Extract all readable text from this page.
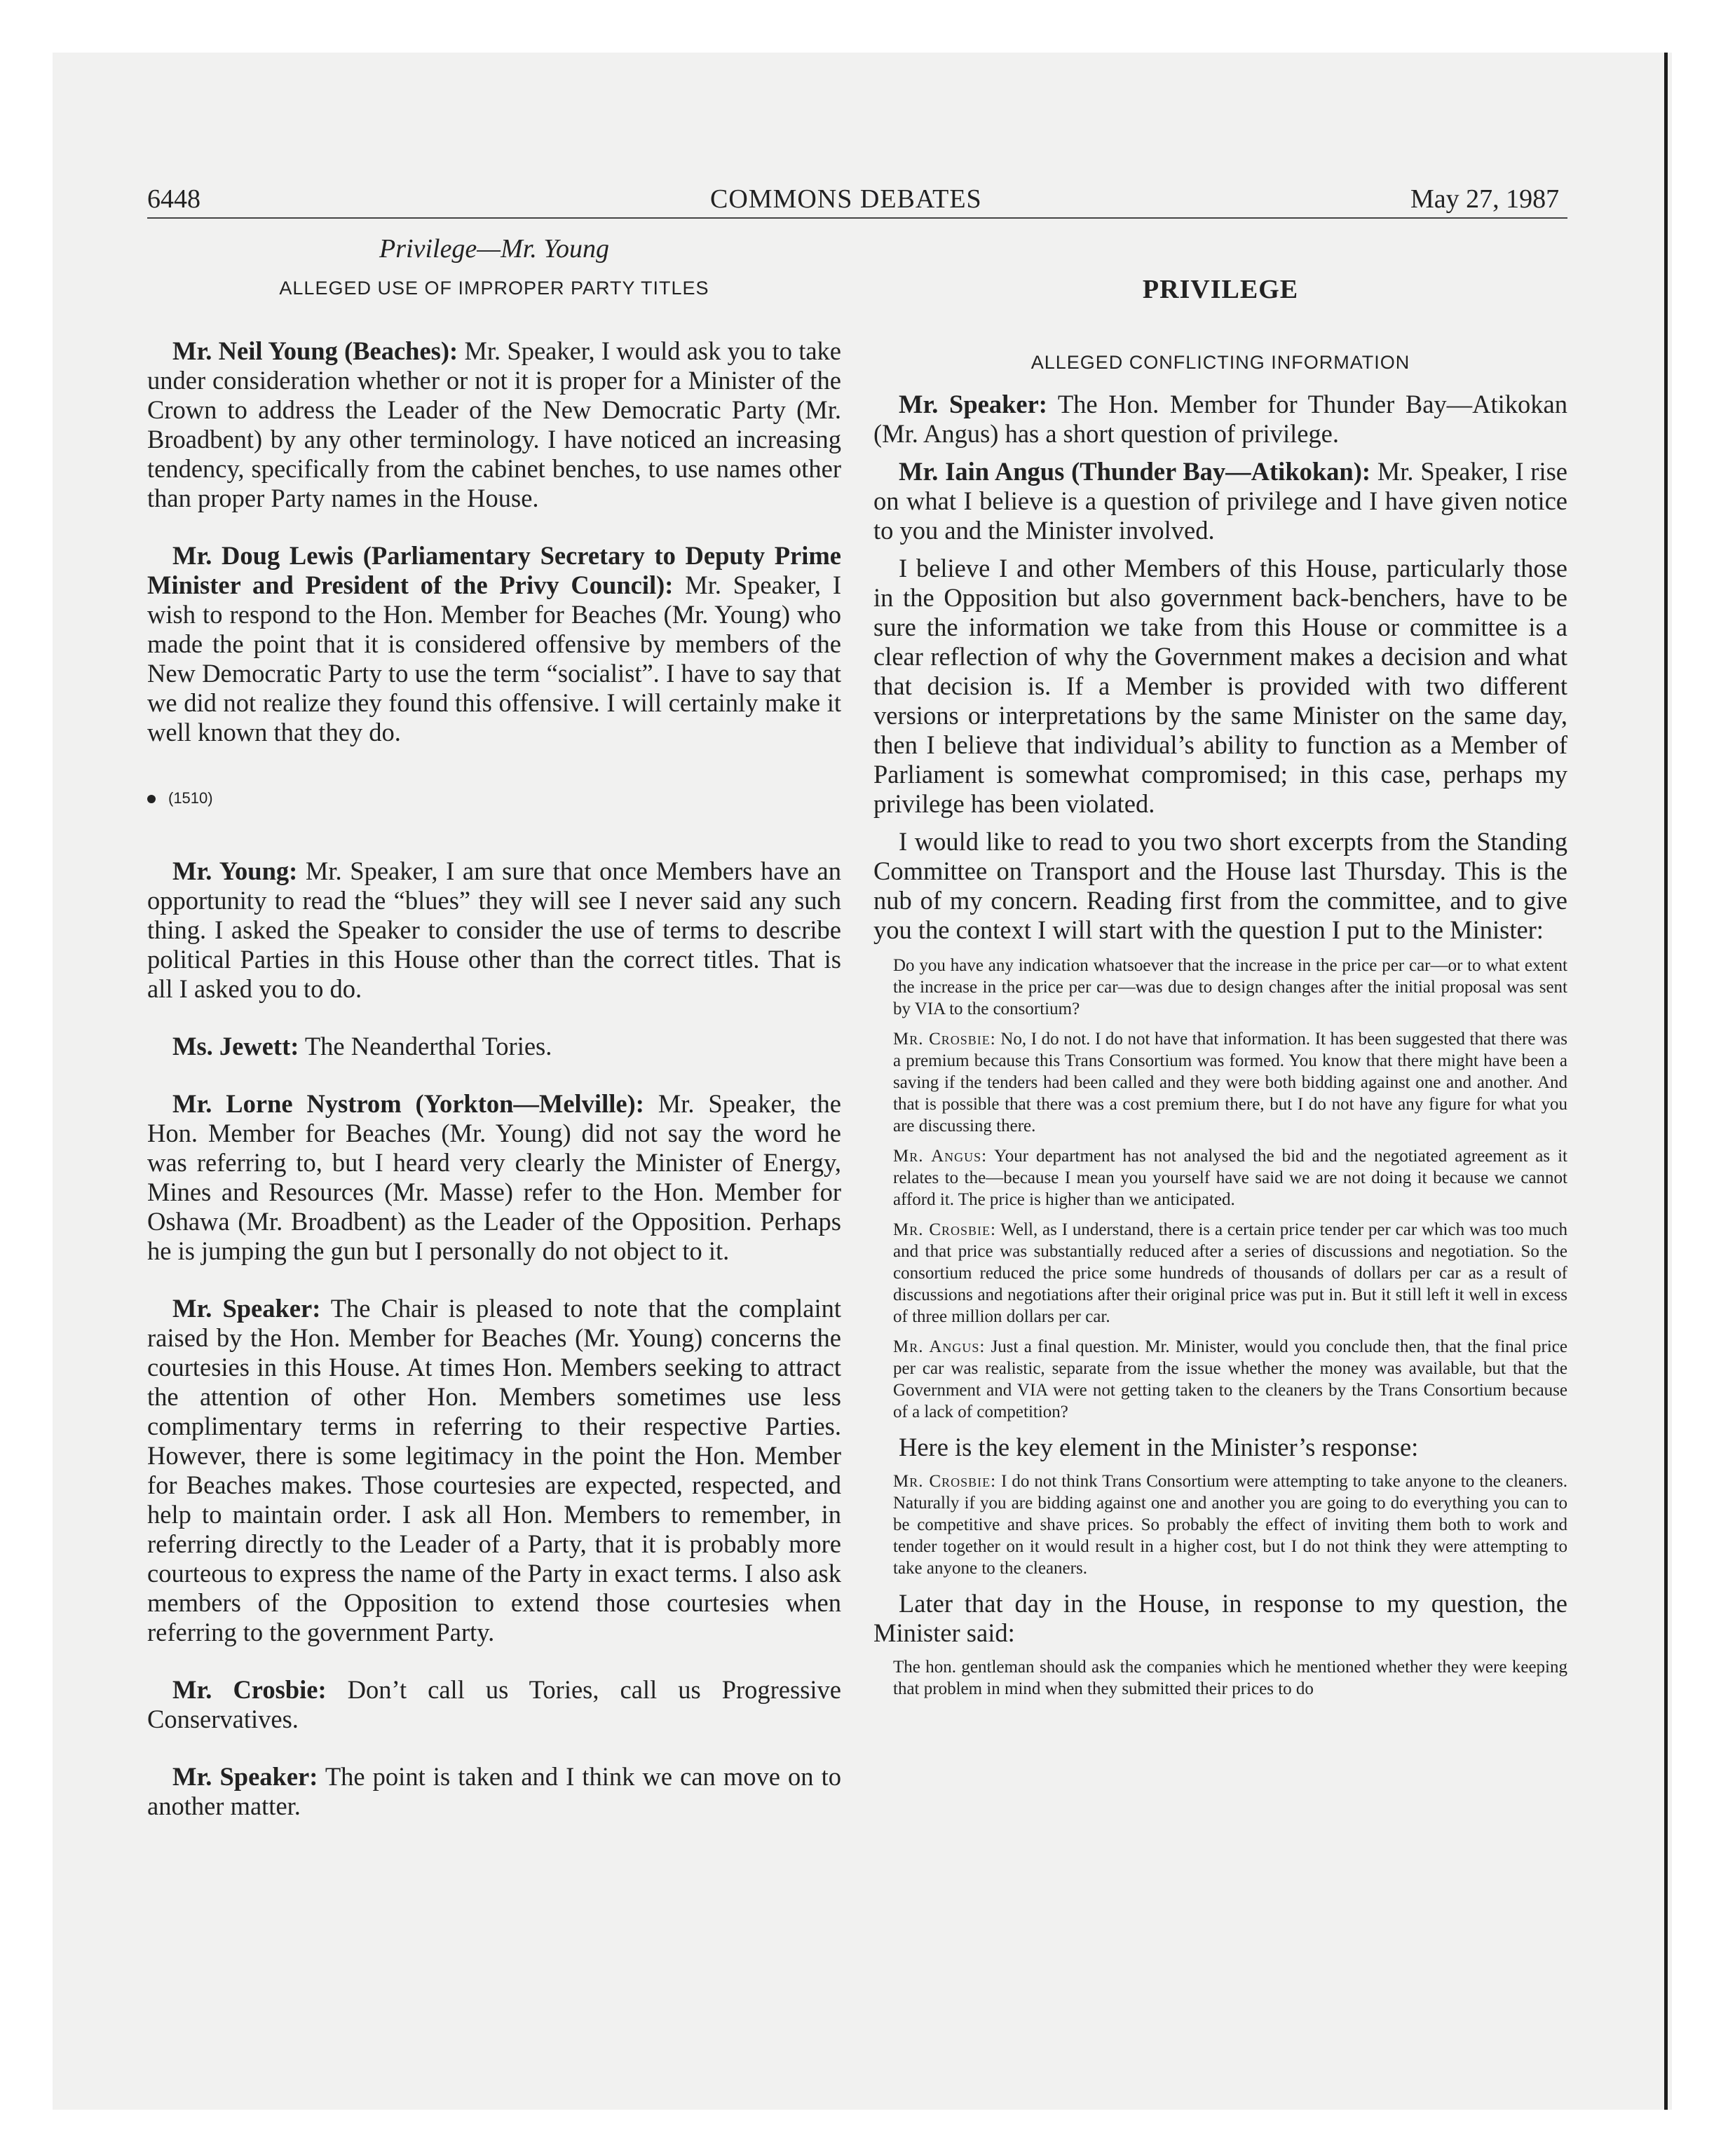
6448	COMMONS DEBATES	May 27, 1987

Privilege—Mr. Young

ALLEGED USE OF IMPROPER PARTY TITLES

Mr. Neil Young (Beaches): Mr. Speaker, I would ask you to take under consideration whether or not it is proper for a Minister of the Crown to address the Leader of the New Democratic Party (Mr. Broadbent) by any other terminology. I have noticed an increasing tendency, specifically from the cabinet benches, to use names other than proper Party names in the House.

Mr. Doug Lewis (Parliamentary Secretary to Deputy Prime Minister and President of the Privy Council): Mr. Speaker, I wish to respond to the Hon. Member for Beaches (Mr. Young) who made the point that it is considered offensive by members of the New Democratic Party to use the term “socialist”. I have to say that we did not realize they found this offensive. I will certainly make it well known that they do.

(1510)

Mr. Young: Mr. Speaker, I am sure that once Members have an opportunity to read the “blues” they will see I never said any such thing. I asked the Speaker to consider the use of terms to describe political Parties in this House other than the correct titles. That is all I asked you to do.

Ms. Jewett: The Neanderthal Tories.

Mr. Lorne Nystrom (Yorkton—Melville): Mr. Speaker, the Hon. Member for Beaches (Mr. Young) did not say the word he was referring to, but I heard very clearly the Minister of Energy, Mines and Resources (Mr. Masse) refer to the Hon. Member for Oshawa (Mr. Broadbent) as the Leader of the Opposition. Perhaps he is jumping the gun but I personally do not object to it.

Mr. Speaker: The Chair is pleased to note that the complaint raised by the Hon. Member for Beaches (Mr. Young) concerns the courtesies in this House. At times Hon. Members seeking to attract the attention of other Hon. Members sometimes use less complimentary terms in referring to their respective Parties. However, there is some legitimacy in the point the Hon. Member for Beaches makes. Those courtesies are expected, respected, and help to maintain order. I ask all Hon. Members to remember, in referring directly to the Leader of a Party, that it is probably more courteous to express the name of the Party in exact terms. I also ask members of the Opposition to extend those courtesies when referring to the government Party.

Mr. Crosbie: Don’t call us Tories, call us Progressive Conservatives.

Mr. Speaker: The point is taken and I think we can move on to another matter.

PRIVILEGE

ALLEGED CONFLICTING INFORMATION

Mr. Speaker: The Hon. Member for Thunder Bay—Atikokan (Mr. Angus) has a short question of privilege.

Mr. Iain Angus (Thunder Bay—Atikokan): Mr. Speaker, I rise on what I believe is a question of privilege and I have given notice to you and the Minister involved.

I believe I and other Members of this House, particularly those in the Opposition but also government back-benchers, have to be sure the information we take from this House or committee is a clear reflection of why the Government makes a decision and what that decision is. If a Member is provided with two different versions or interpretations by the same Minister on the same day, then I believe that individual’s ability to function as a Member of Parliament is somewhat compromised; in this case, perhaps my privilege has been violated.

I would like to read to you two short excerpts from the Standing Committee on Transport and the House last Thursday. This is the nub of my concern. Reading first from the committee, and to give you the context I will start with the question I put to the Minister:

Do you have any indication whatsoever that the increase in the price per car—or to what extent the increase in the price per car—was due to design changes after the initial proposal was sent by VIA to the consortium?

Mr. Crosbie: No, I do not. I do not have that information. It has been suggested that there was a premium because this Trans Consortium was formed. You know that there might have been a saving if the tenders had been called and they were both bidding against one and another. And that is possible that there was a cost premium there, but I do not have any figure for what you are discussing there.

Mr. Angus: Your department has not analysed the bid and the negotiated agreement as it relates to the—because I mean you yourself have said we are not doing it because we cannot afford it. The price is higher than we anticipated.

Mr. Crosbie: Well, as I understand, there is a certain price tender per car which was too much and that price was substantially reduced after a series of discussions and negotiation. So the consortium reduced the price some hundreds of thousands of dollars per car as a result of discussions and negotiations after their original price was put in. But it still left it well in excess of three million dollars per car.

Mr. Angus: Just a final question. Mr. Minister, would you conclude then, that the final price per car was realistic, separate from the issue whether the money was available, but that the Government and VIA were not getting taken to the cleaners by the Trans Consortium because of a lack of competition?

Here is the key element in the Minister’s response:

Mr. Crosbie: I do not think Trans Consortium were attempting to take anyone to the cleaners. Naturally if you are bidding against one and another you are going to do everything you can to be competitive and shave prices. So probably the effect of inviting them both to work and tender together on it would result in a higher cost, but I do not think they were attempting to take anyone to the cleaners.

Later that day in the House, in response to my question, the Minister said:

The hon. gentleman should ask the companies which he mentioned whether they were keeping that problem in mind when they submitted their prices to do
